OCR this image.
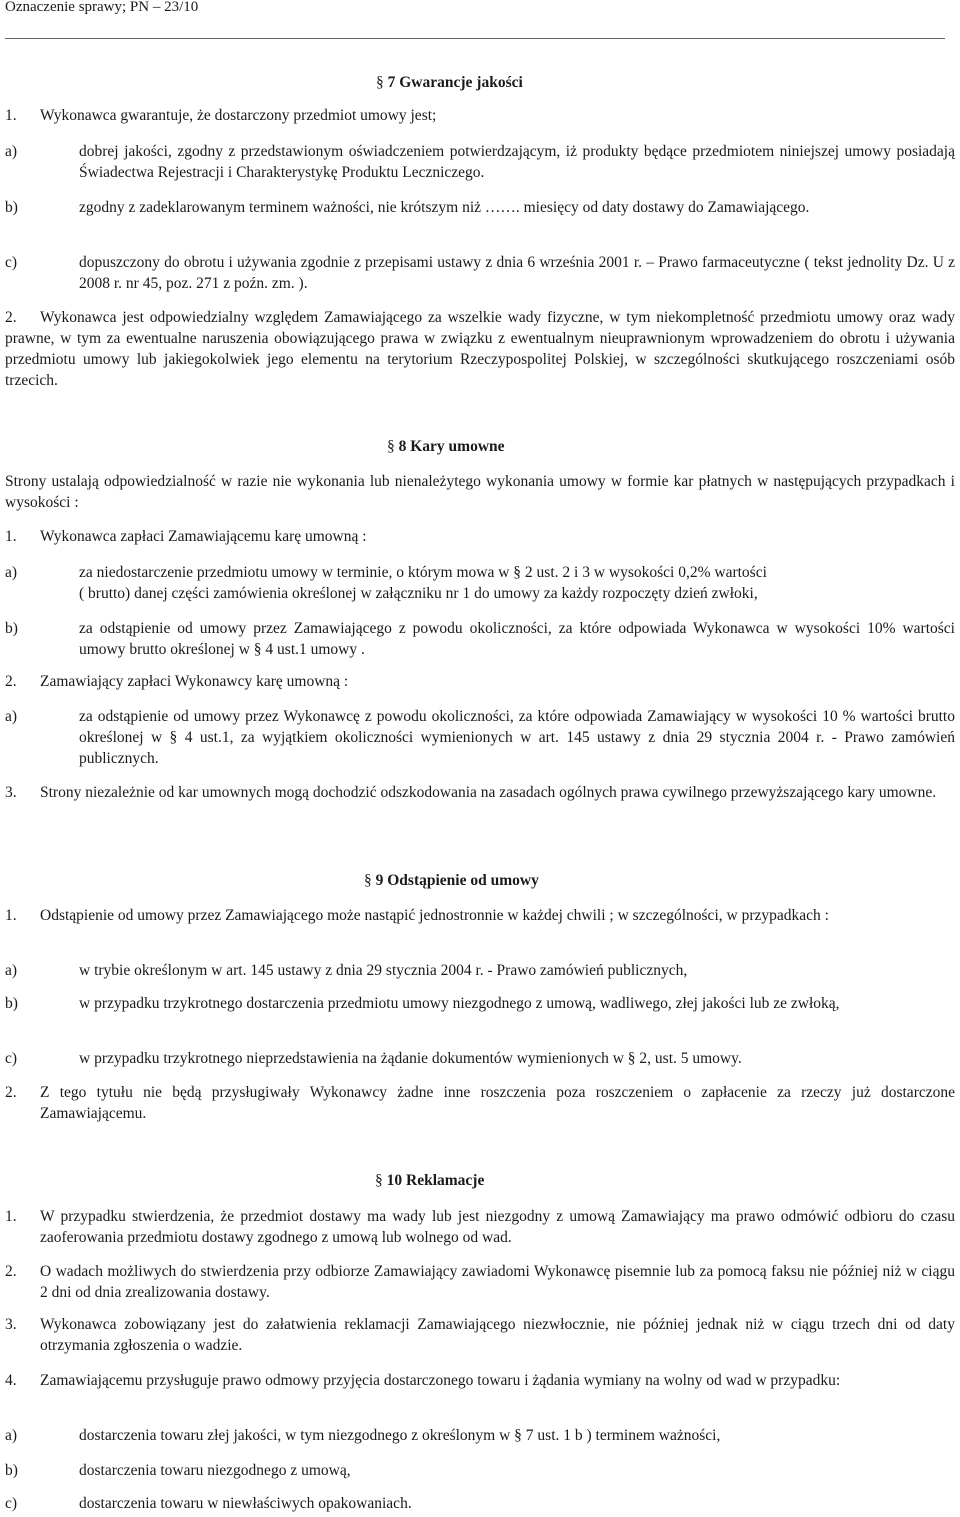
Oznaczenie sprawy; PN – 23/10

§ 7 Gwarancje jakości
1. Wykonawca gwarantuje, że dostarczony przedmiot umowy jest;

a)	dobrej jakości, zgodny z przedstawionym oświadczeniem potwierdzającym, iż produkty będące przedmiotem niniejszej umowy posiadają Świadectwa Rejestracji i Charakterystykę Produktu Leczniczego.

b)	zgodny z zadeklarowanym terminem ważności, nie krótszym niż ……. miesięcy od daty dostawy do Zamawiającego.

c)	dopuszczony do obrotu i używania zgodnie z przepisami ustawy z dnia 6 września 2001 r. – Prawo farmaceutyczne ( tekst jednolity Dz. U z 2008 r. nr 45, poz. 271 z poźn. zm. ).

2.	Wykonawca jest odpowiedzialny względem Zamawiającego za wszelkie wady fizyczne, w tym niekompletność przedmiotu umowy oraz wady prawne, w tym za ewentualne naruszenia obowiązującego prawa w związku z ewentualnym nieuprawnionym wprowadzeniem do obrotu i używania przedmiotu umowy lub jakiegokolwiek jego elementu na terytorium Rzeczypospolitej Polskiej, w szczególności skutkującego roszczeniami osób trzecich.

§ 8 Kary umowne

Strony ustalają odpowiedzialność w razie nie wykonania lub nienależytego wykonania umowy w formie kar płatnych w następujących przypadkach i wysokości :

1. Wykonawca zapłaci Zamawiającemu karę umowną :

a)	za niedostarczenie przedmiotu umowy w terminie, o którym mowa w § 2 ust. 2 i 3 w wysokości 0,2% wartości

( brutto) danej części zamówienia określonej w załączniku nr 1 do umowy za każdy rozpoczęty dzień zwłoki,

b)	za odstąpienie od umowy przez Zamawiającego z powodu okoliczności, za które odpowiada Wykonawca w wysokości 10% wartości umowy brutto określonej w § 4 ust.1 umowy .

2. Zamawiający zapłaci Wykonawcy karę umowną :

a)	za odstąpienie od umowy przez Wykonawcę z powodu okoliczności, za które odpowiada Zamawiający w wysokości 10 % wartości brutto określonej w § 4 ust.1, za wyjątkiem okoliczności wymienionych w art. 145 ustawy z dnia 29 stycznia 2004 r. - Prawo zamówień publicznych.

3. Strony niezależnie od kar umownych mogą dochodzić odszkodowania na zasadach ogólnych prawa cywilnego przewyższającego kary umowne.

§ 9 Odstąpienie od umowy
1. Odstąpienie od umowy przez Zamawiającego może nastąpić jednostronnie w każdej chwili ; w szczególności, w przypadkach :

a)	w trybie określonym w art. 145 ustawy z dnia 29 stycznia 2004 r. - Prawo zamówień publicznych,

b)	w przypadku trzykrotnego dostarczenia przedmiotu umowy niezgodnego z umową, wadliwego, złej jakości lub ze zwłoką,

c)	w przypadku trzykrotnego nieprzedstawienia na żądanie dokumentów wymienionych w § 2, ust. 5 umowy.

2. Z tego tytułu nie będą przysługiwały Wykonawcy żadne inne roszczenia poza roszczeniem o zapłacenie za rzeczy już dostarczone Zamawiającemu.

§ 10 Reklamacje
1. W przypadku stwierdzenia, że przedmiot dostawy ma wady lub jest niezgodny z umową Zamawiający ma prawo odmówić odbioru do czasu zaoferowania przedmiotu dostawy zgodnego z umową lub wolnego od wad.

2. O wadach możliwych do stwierdzenia przy odbiorze Zamawiający zawiadomi Wykonawcę pisemnie lub za pomocą faksu nie później niż w ciągu 2 dni od dnia zrealizowania dostawy.

3. Wykonawca zobowiązany jest do załatwienia reklamacji Zamawiającego niezwłocznie, nie później jednak niż w ciągu trzech dni od daty otrzymania zgłoszenia o wadzie.

4. Zamawiającemu przysługuje prawo odmowy przyjęcia dostarczonego towaru i żądania wymiany na wolny od wad w przypadku:

a)	dostarczenia towaru złej jakości, w tym niezgodnego z określonym w § 7 ust. 1 b ) terminem ważności,

b)	dostarczenia towaru niezgodnego z umową,

c)	dostarczenia towaru w niewłaściwych opakowaniach.
